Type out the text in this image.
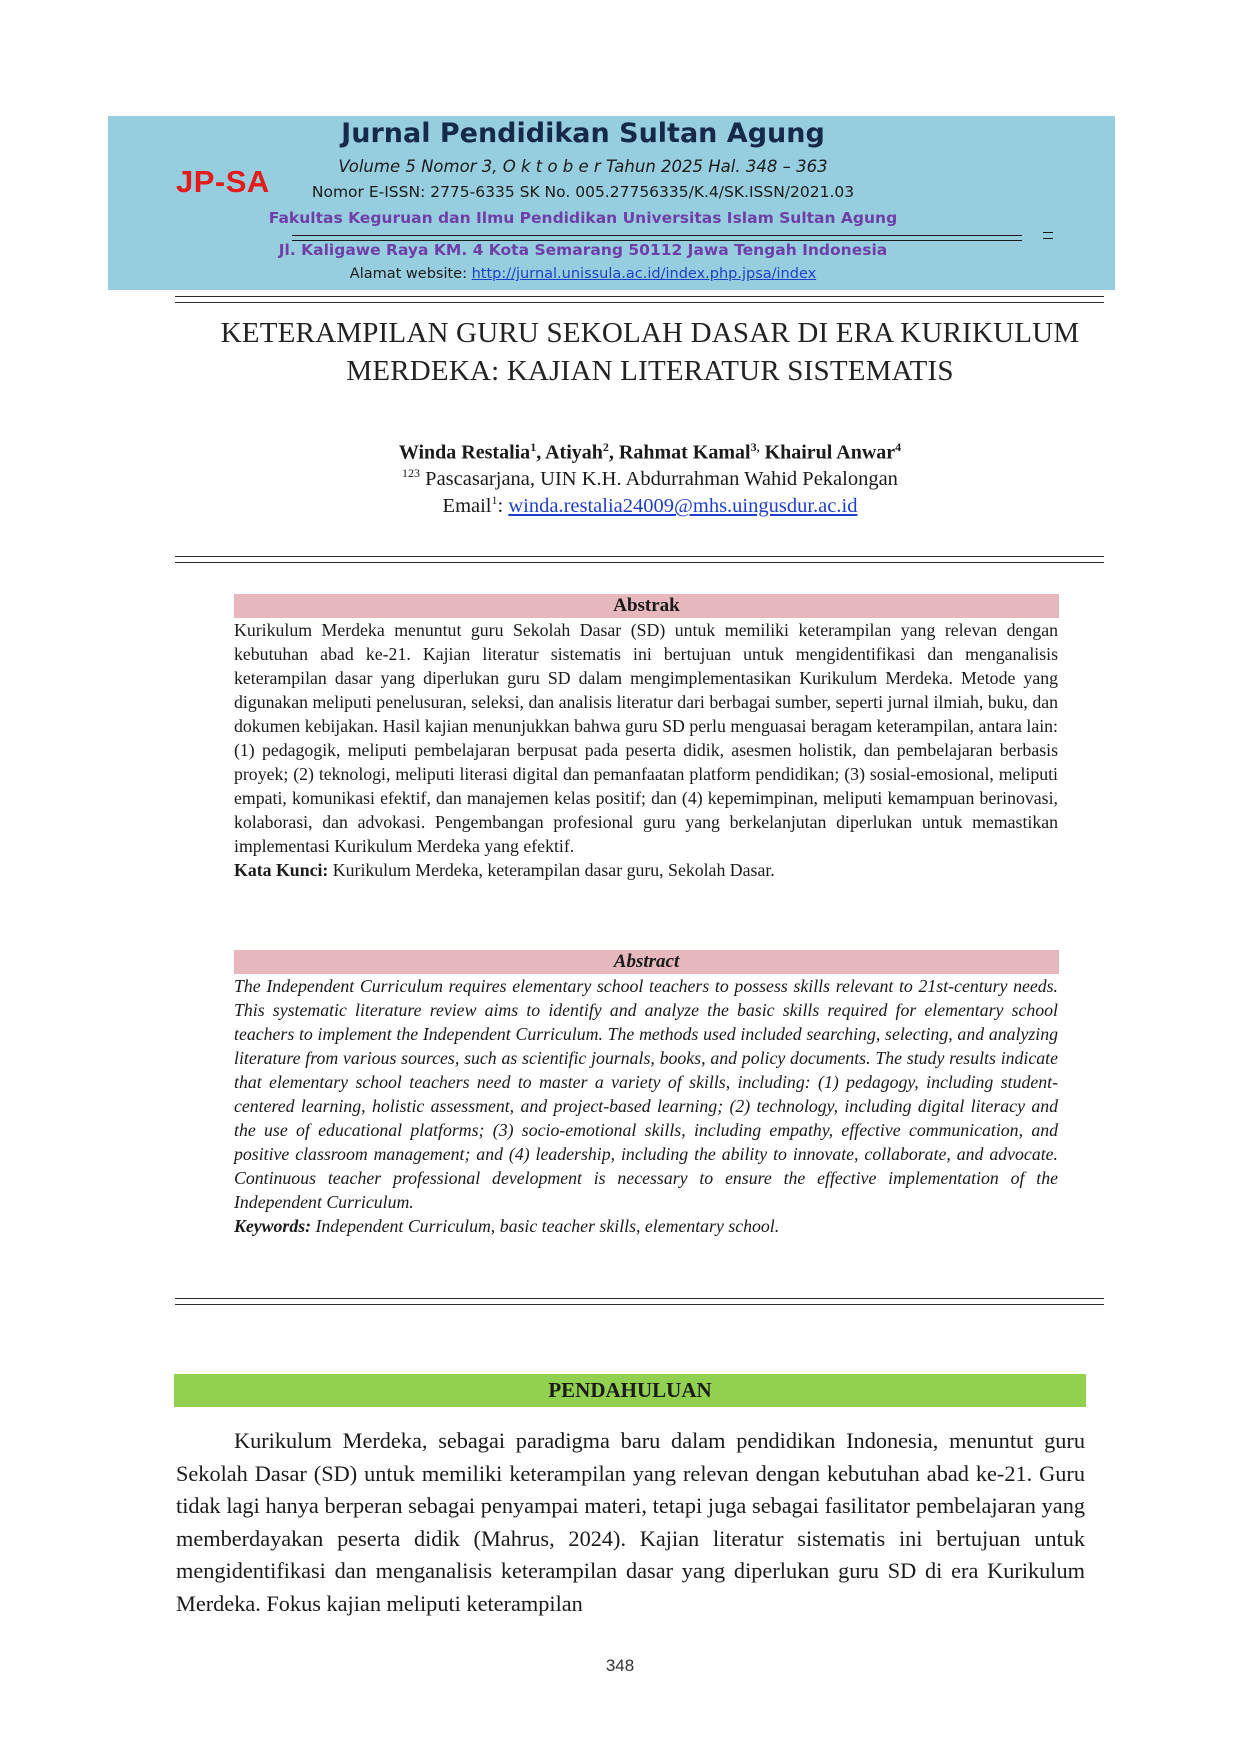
JP-SA
Jurnal Pendidikan Sultan Agung
Volume 5 Nomor 3, O k t o b e r Tahun 2025 Hal. 348 – 363
Nomor E-ISSN: 2775-6335 SK No. 005.27756335/K.4/SK.ISSN/2021.03
Fakultas Keguruan dan Ilmu Pendidikan Universitas Islam Sultan Agung
Jl. Kaligawe Raya KM. 4 Kota Semarang 50112 Jawa Tengah Indonesia
Alamat website: http://jurnal.unissula.ac.id/index.php.jpsa/index
KETERAMPILAN GURU SEKOLAH DASAR DI ERA KURIKULUM
MERDEKA: KAJIAN LITERATUR SISTEMATIS
Winda Restalia$^1$, Atiyah$^2$, Rahmat Kamal$^{3,}$ Khairul Anwar$^4$
$^{123}$ Pascasarjana, UIN K.H. Abdurrahman Wahid Pekalongan
Email$^1$: winda.restalia24009@mhs.uingusdur.ac.id
Abstrak
Kurikulum Merdeka menuntut guru Sekolah Dasar (SD) untuk memiliki keterampilan yang relevan dengan kebutuhan abad ke-21. Kajian literatur sistematis ini bertujuan untuk mengidentifikasi dan menganalisis keterampilan dasar yang diperlukan guru SD dalam mengimplementasikan Kurikulum Merdeka. Metode yang digunakan meliputi penelusuran, seleksi, dan analisis literatur dari berbagai sumber, seperti jurnal ilmiah, buku, dan dokumen kebijakan. Hasil kajian menunjukkan bahwa guru SD perlu menguasai beragam keterampilan, antara lain: (1) pedagogik, meliputi pembelajaran berpusat pada peserta didik, asesmen holistik, dan pembelajaran berbasis proyek; (2) teknologi, meliputi literasi digital dan pemanfaatan platform pendidikan; (3) sosial-emosional, meliputi empati, komunikasi efektif, dan manajemen kelas positif; dan (4) kepemimpinan, meliputi kemampuan berinovasi, kolaborasi, dan advokasi. Pengembangan profesional guru yang berkelanjutan diperlukan untuk memastikan implementasi Kurikulum Merdeka yang efektif.
Kata Kunci: Kurikulum Merdeka, keterampilan dasar guru, Sekolah Dasar.
Abstract
The Independent Curriculum requires elementary school teachers to possess skills relevant to 21st-century needs. This systematic literature review aims to identify and analyze the basic skills required for elementary school teachers to implement the Independent Curriculum. The methods used included searching, selecting, and analyzing literature from various sources, such as scientific journals, books, and policy documents. The study results indicate that elementary school teachers need to master a variety of skills, including: (1) pedagogy, including student-centered learning, holistic assessment, and project-based learning; (2) technology, including digital literacy and the use of educational platforms; (3) socio-emotional skills, including empathy, effective communication, and positive classroom management; and (4) leadership, including the ability to innovate, collaborate, and advocate. Continuous teacher professional development is necessary to ensure the effective implementation of the Independent Curriculum.
Keywords: Independent Curriculum, basic teacher skills, elementary school.
PENDAHULUAN

Kurikulum Merdeka, sebagai paradigma baru dalam pendidikan Indonesia, menuntut guru Sekolah Dasar (SD) untuk memiliki keterampilan yang relevan dengan kebutuhan abad ke-21. Guru tidak lagi hanya berperan sebagai penyampai materi, tetapi juga sebagai fasilitator pembelajaran yang memberdayakan peserta didik (Mahrus, 2024). Kajian literatur sistematis ini bertujuan untuk mengidentifikasi dan menganalisis keterampilan dasar yang diperlukan guru SD di era Kurikulum Merdeka. Fokus kajian meliputi keterampilan

348
